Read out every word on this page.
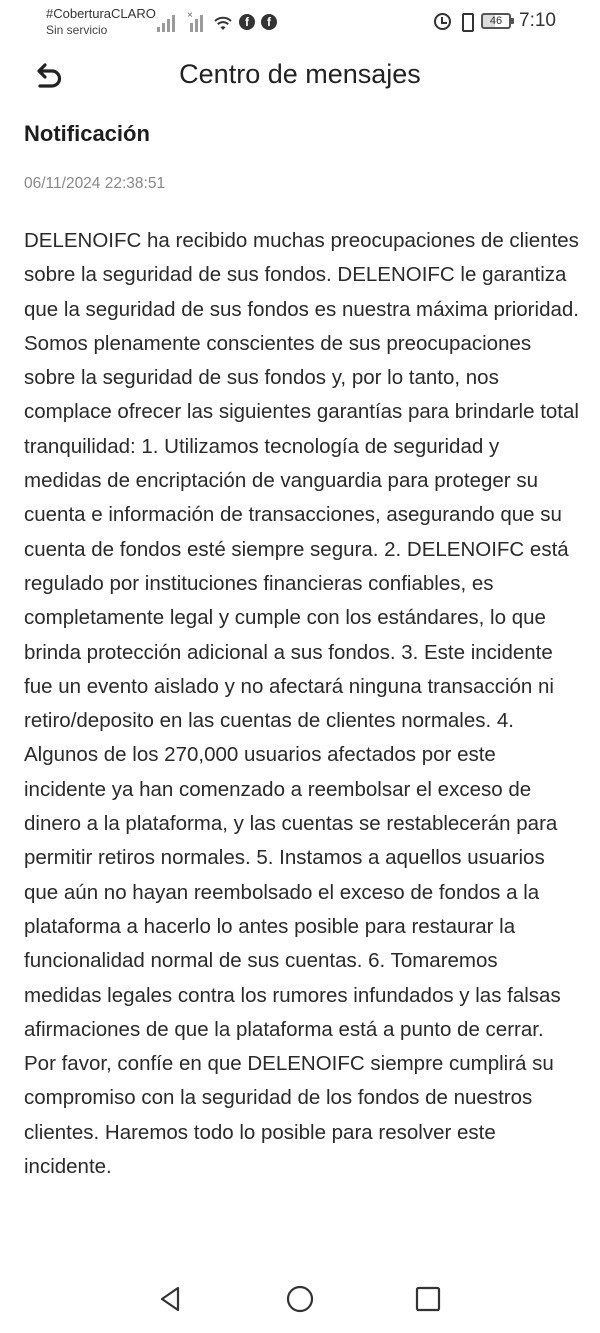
#CoberturaCLARO
Sin servicio
×	f	f	46 7:10
Centro de mensajes
Notificación
06/11/2024 22:38:51
DELENOIFC ha recibido muchas preocupaciones de clientes sobre la seguridad de sus fondos. DELENOIFC le garantiza que la seguridad de sus fondos es nuestra máxima prioridad. Somos plenamente conscientes de sus preocupaciones sobre la seguridad de sus fondos y, por lo tanto, nos complace ofrecer las siguientes garantías para brindarle total tranquilidad: 1. Utilizamos tecnología de seguridad y medidas de encriptación de vanguardia para proteger su cuenta e información de transacciones, asegurando que su cuenta de fondos esté siempre segura. 2. DELENOIFC está regulado por instituciones financieras confiables, es completamente legal y cumple con los estándares, lo que brinda protección adicional a sus fondos. 3. Este incidente fue un evento aislado y no afectará ninguna transacción ni retiro/deposito en las cuentas de clientes normales. 4. Algunos de los 270,000 usuarios afectados por este incidente ya han comenzado a reembolsar el exceso de dinero a la plataforma, y las cuentas se restablecerán para permitir retiros normales. 5. Instamos a aquellos usuarios que aún no hayan reembolsado el exceso de fondos a la plataforma a hacerlo lo antes posible para restaurar la funcionalidad normal de sus cuentas. 6. Tomaremos medidas legales contra los rumores infundados y las falsas afirmaciones de que la plataforma está a punto de cerrar. Por favor, confíe en que DELENOIFC siempre cumplirá su compromiso con la seguridad de los fondos de nuestros clientes. Haremos todo lo posible para resolver este incidente.
